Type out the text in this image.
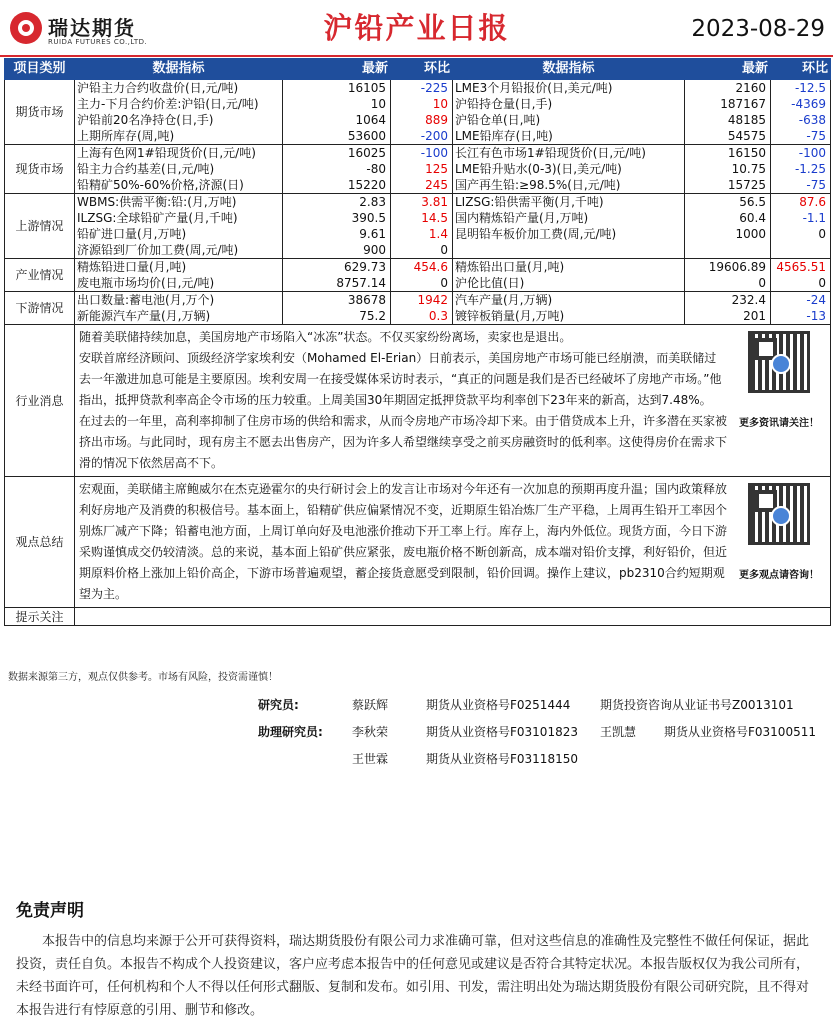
瑞达期货
RUIDA FUTURES CO.,LTD.	沪铅产业日报	2023-08-29
项目类别	数据指标	最新	环比	数据指标	最新	环比
期货市场	沪铅主力合约收盘价(日,元/吨)	16105	-225	LME3个月铅报价(日,美元/吨)	2160	-12.5
	主力-下月合约价差:沪铅(日,元/吨)	10	10	沪铅持仓量(日,手)	187167	-4369
	沪铅前20名净持仓(日,手)	1064	889	沪铅仓单(日,吨)	48185	-638
	上期所库存(周,吨)	53600	-200	LME铅库存(日,吨)	54575	-75
现货市场	上海有色网1#铅现货价(日,元/吨)	16025	-100	长江有色市场1#铅现货价(日,元/吨)	16150	-100
	铅主力合约基差(日,元/吨)	-80	125	LME铅升贴水(0-3)(日,美元/吨)	10.75	-1.25
	铅精矿50%-60%价格,济源(日)	15220	245	国产再生铅:≥98.5%(日,元/吨)	15725	-75
上游情况	WBMS:供需平衡:铅:(月,万吨)	2.83	3.81	LIZSG:铅供需平衡(月,千吨)	56.5	87.6
	ILZSG:全球铅矿产量(月,千吨)	390.5	14.5	国内精炼铅产量(月,万吨)	60.4	-1.1
	铅矿进口量(月,万吨)	9.61	1.4	昆明铅车板价加工费(周,元/吨)	1000	0
	济源铅到厂价加工费(周,元/吨)	900	0			
产业情况	精炼铅进口量(月,吨)	629.73	454.6	精炼铅出口量(月,吨)	19606.89	4565.51
	废电瓶市场均价(日,元/吨)	8757.14	0	沪伦比值(日)	0	0
下游情况	出口数量:蓄电池(月,万个)	38678	1942	汽车产量(月,万辆)	232.4	-24
	新能源汽车产量(月,万辆)	75.2	0.3	镀锌板销量(月,万吨)	201	-13
行业消息	随着美联储持续加息，美国房地产市场陷入“冰冻”状态。不仅买家纷纷离场，卖家也是退出。
安联首席经济顾问、顶级经济学家埃利安（Mohamed El-Erian）日前表示，美国房地产市场可能已经崩溃，而美联储过去一年激进加息可能是主要原因。埃利安周一在接受媒体采访时表示，“真正的问题是我们是否已经破坏了房地产市场。”他指出，抵押贷款利率高企令市场的压力较重。上周美国30年期固定抵押贷款平均利率创下23年来的新高，达到7.48%。
在过去的一年里，高利率抑制了住房市场的供给和需求，从而令房地产市场冷却下来。由于借贷成本上升，许多潜在买家被挤出市场。与此同时，现有房主不愿去出售房产，因为许多人希望继续享受之前买房融资时的低利率。这使得房价在需求下滑的情况下依然居高不下。
更多资讯请关注！					

观点总结	宏观面，美联储主席鲍威尔在杰克逊霍尔的央行研讨会上的发言让市场对今年还有一次加息的预期再度升温；国内政策释放利好房地产及消费的积极信号。基本面上，铅精矿供应偏紧情况不变，近期原生铅冶炼厂生产平稳，上周再生铅开工率因个别炼厂减产下降；铅蓄电池方面，上周订单向好及电池涨价推动下开工率上行。库存上，海内外低位。现货方面，今日下游采购谨慎成交仍较清淡。总的来说，基本面上铅矿供应紧张，废电瓶价格不断创新高，成本端对铅价支撑，利好铅价，但近期原料价格上涨加上铅价高企，下游市场普遍观望，蓄企接货意愿受到限制，铅价回调。操作上建议，pb2310合约短期观望为主。
更多观点请咨询！					

提示关注						
数据来源第三方，观点仅供参考。市场有风险，投资需谨慎！
研究员:	蔡跃辉	期货从业资格号F0251444 期货投资咨询从业证书号Z0013101
助理研究员: 李秋荣	期货从业资格号F03101823 王凯慧 期货从业资格号F03100511
王世霖	期货从业资格号F03118150
免责声明
本报告中的信息均来源于公开可获得资料，瑞达期货股份有限公司力求准确可靠，但对这些信息的准确性及完整性不做任何保证，据此投资，责任自负。本报告不构成个人投资建议，客户应考虑本报告中的任何意见或建议是否符合其特定状况。本报告版权仅为我公司所有，未经书面许可，任何机构和个人不得以任何形式翻版、复制和发布。如引用、刊发，需注明出处为瑞达期货股份有限公司研究院，且不得对本报告进行有悖原意的引用、删节和修改。
